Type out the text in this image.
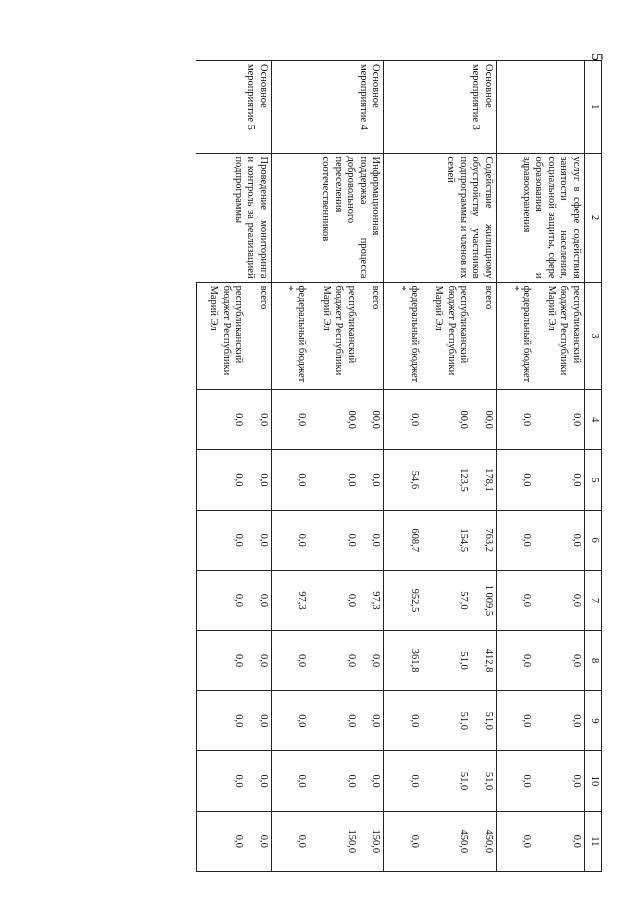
5
1	2	3	4	5	6	7	8	9	10	11
	услуг в сфере содействия занятости населения, социальной защиты, сфере образования и здравоохранения	республиканский бюджет Республики Марий Эл	0,0	0,0	0,0	0,0	0,0	0,0	0,0	0,0
		федеральный бюджет *	0,0	0,0	0,0	0,0	0,0	0,0	0,0	0,0
Основное мероприятие 3	Содействие жилищному обустройству участников подпрограммы и членов их семей	всего	00,0	178,1	763,2	1 009,5	412,8	51,0	51,0	450,0
		республиканский бюджет Республики Марий Эл	00,0	123,5	154,5	57,0	51,0	51,0	51,0	450,0
		федеральный бюджет *	0,0	54,6	608,7	952,5	361,8	0,0	0,0	0,0
Основное мероприятие 4	Информационная поддержка процесса добровольного переселения соотечественников	всего	00,0	0,0	0,0	97,3	0,0	0,0	0,0	150,0
		республиканский бюджет Республики Марий Эл	00,0	0,0	0,0	0,0	0,0	0,0	0,0	150,0
		федеральный бюджет *	0,0	0,0	0,0	97,3	0,0	0,0	0,0	0,0
Основное мероприятие 5	Проведение мониторинга и контроль за реализацией подпрограммы	всего	0,0	0,0	0,0	0,0	0,0	0,0	0,0	0,0
		республиканский бюджет Республики Марий Эл	0,0	0,0	0,0	0,0	0,0	0,0	0,0	0,0
